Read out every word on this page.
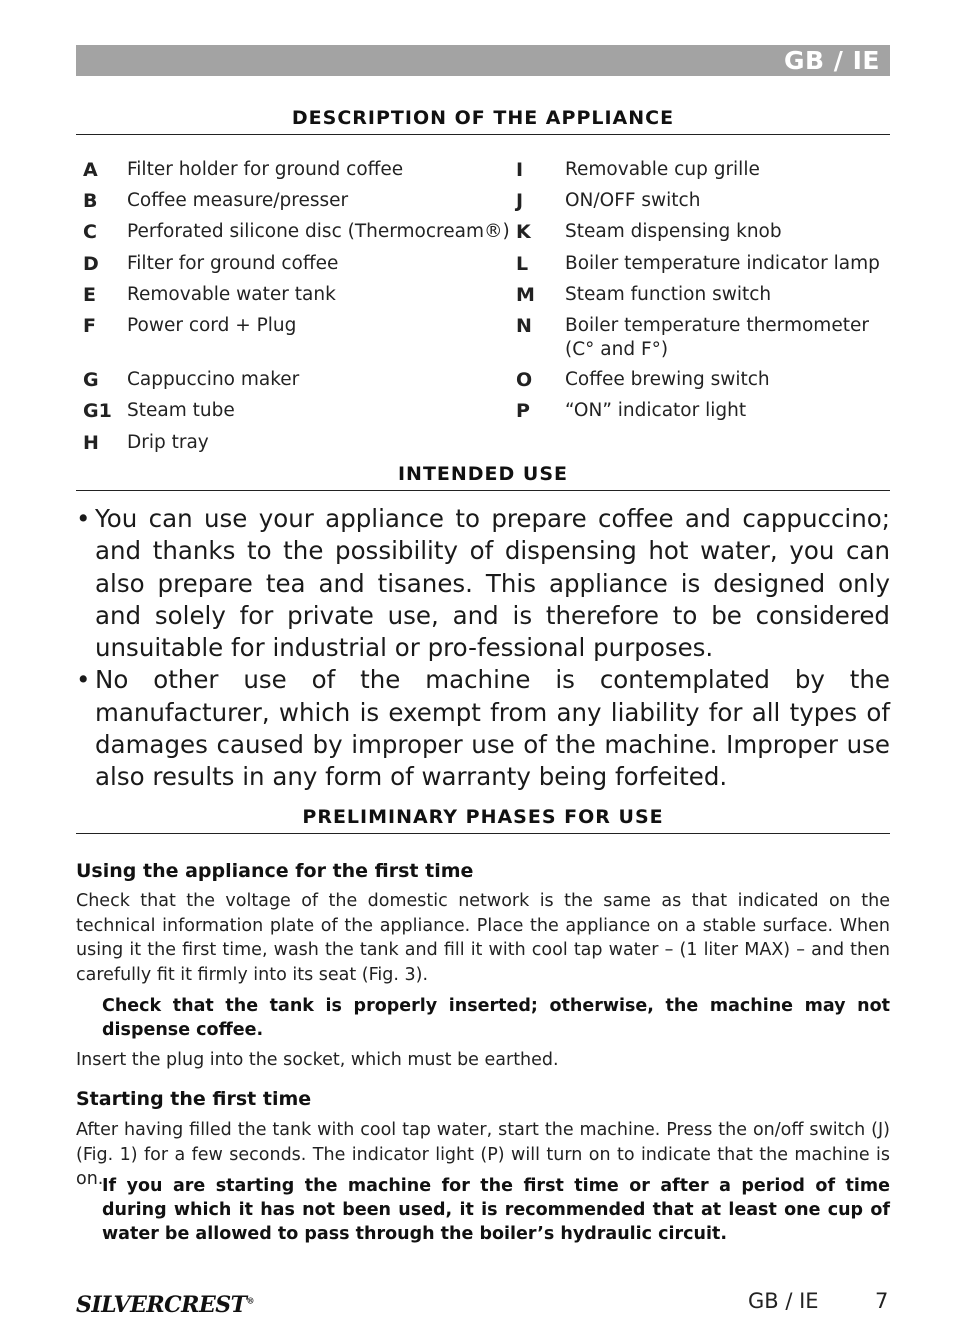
GB / IE
DESCRIPTION OF THE APPLIANCE
A Filter holder for ground coffee
B Coffee measure/presser
C Perforated silicone disc (Thermocream®)
D Filter for ground coffee
E Removable water tank
F Power cord + Plug
G Cappuccino maker
G1 Steam tube
H Drip tray
I Removable cup grille
J ON/OFF switch
K Steam dispensing knob
L Boiler temperature indicator lamp
M Steam function switch
N Boiler temperature thermometer (C° and F°)
O Coffee brewing switch
P “ON” indicator light
INTENDED USE
• You can use your appliance to prepare coffee and cappuccino; and thanks to the possibility of dispensing hot water, you can also prepare tea and tisanes. This appliance is designed only and solely for private use, and is therefore to be considered unsuitable for industrial or pro-fessional purposes.
• No other use of the machine is contemplated by the manufacturer, which is exempt from any liability for all types of damages caused by improper use of the machine. Improper use also results in any form of warranty being forfeited.
PRELIMINARY PHASES FOR USE
Using the appliance for the first time
Check that the voltage of the domestic network is the same as that indicated on the technical information plate of the appliance. Place the appliance on a stable surface. When using it the first time, wash the tank and fill it with cool tap water – (1 liter MAX) – and then carefully fit it firmly into its seat (Fig. 3).
Check that the tank is properly inserted; otherwise, the machine may not dispense coffee.
Insert the plug into the socket, which must be earthed.
Starting the first time
After having filled the tank with cool tap water, start the machine. Press the on/off switch (J) (Fig. 1) for a few seconds. The indicator light (P) will turn on to indicate that the machine is on.
If you are starting the machine for the first time or after a period of time during which it has not been used, it is recommended that at least one cup of water be allowed to pass through the boiler’s hydraulic circuit.
SILVERCREST®	GB / IE	7
